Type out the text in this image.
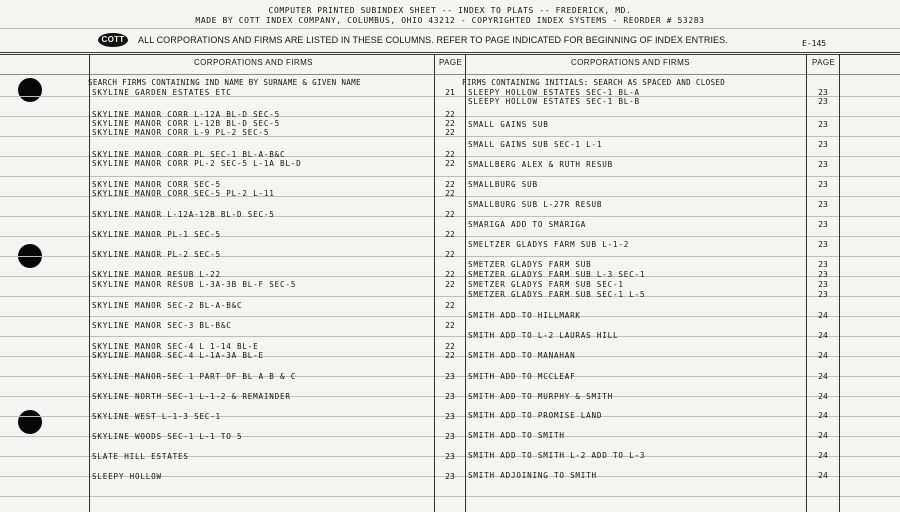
COMPUTER PRINTED SUBINDEX SHEET -- INDEX TO PLATS -- FREDERICK, MD.
MADE BY COTT INDEX COMPANY, COLUMBUS, OHIO 43212 - COPYRIGHTED INDEX SYSTEMS - REORDER # 53283
COTT	ALL CORPORATIONS AND FIRMS ARE LISTED IN THESE COLUMNS. REFER TO PAGE INDICATED FOR BEGINNING OF INDEX ENTRIES.	E-145
CORPORATIONS AND FIRMS	PAGE	CORPORATIONS AND FIRMS	PAGE
SEARCH FIRMS CONTAINING IND NAME BY SURNAME & GIVEN NAME	FIRMS CONTAINING INITIALS: SEARCH AS SPACED AND CLOSED
SKYLINE GARDEN ESTATES ETC	21
SKYLINE MANOR CORR L-12A BL-D SEC-5	22
SKYLINE MANOR CORR L-12B BL-D SEC-5	22
SKYLINE MANOR CORR L-9 PL-2 SEC-5	22
SKYLINE MANOR CORR PL SEC-1 BL-A-B&C	22
SKYLINE MANOR CORR PL-2 SEC-5 L-1A BL-D	22
SKYLINE MANOR CORR SEC-5	22
SKYLINE MANOR CORR SEC-5 PL-2 L-11	22
SKYLINE MANOR L-12A-12B BL-D SEC-5	22
SKYLINE MANOR PL-1 SEC-5	22
SKYLINE MANOR PL-2 SEC-5	22
SKYLINE MANOR RESUB L-22	22
SKYLINE MANOR RESUB L-3A-3B BL-F SEC-5	22
SKYLINE MANOR SEC-2 BL-A-B&C	22
SKYLINE MANOR SEC-3 BL-B&C	22
SKYLINE MANOR SEC-4 L 1-14 BL-E	22
SKYLINE MANOR SEC-4 L-1A-3A BL-E	22
SKYLINE MANOR-SEC 1 PART OF BL A B & C	23
SKYLINE NORTH SEC-1 L-1-2 & REMAINDER	23
SKYLINE WEST L-1-3 SEC-1	23
SKYLINE WOODS SEC-1 L-1 TO 5	23
SLATE HILL ESTATES	23
SLEEPY HOLLOW	23
SLEEPY HOLLOW ESTATES SEC-1 BL-A	23
SLEEPY HOLLOW ESTATES SEC-1 BL-B	23
SMALL GAINS SUB	23
SMALL GAINS SUB SEC-1 L-1	23
SMALLBERG ALEX & RUTH RESUB	23
SMALLBURG SUB	23
SMALLBURG SUB L-27R RESUB	23
SMARIGA ADD TO SMARIGA	23
SMELTZER GLADYS FARM SUB L-1-2	23
SMETZER GLADYS FARM SUB	23
SMETZER GLADYS FARM SUB L-3 SEC-1	23
SMETZER GLADYS FARM SUB SEC-1	23
SMETZER GLADYS FARM SUB SEC-1 L-5	23
SMITH ADD TO HILLMARK	24
SMITH ADD TO L-2 LAURAS HILL	24
SMITH ADD TO MANAHAN	24
SMITH ADD TO MCCLEAF	24
SMITH ADD TO MURPHY & SMITH	24
SMITH ADD TO PROMISE LAND	24
SMITH ADD TO SMITH	24
SMITH ADD TO SMITH L-2 ADD TO L-3	24
SMITH ADJOINING TO SMITH	24
